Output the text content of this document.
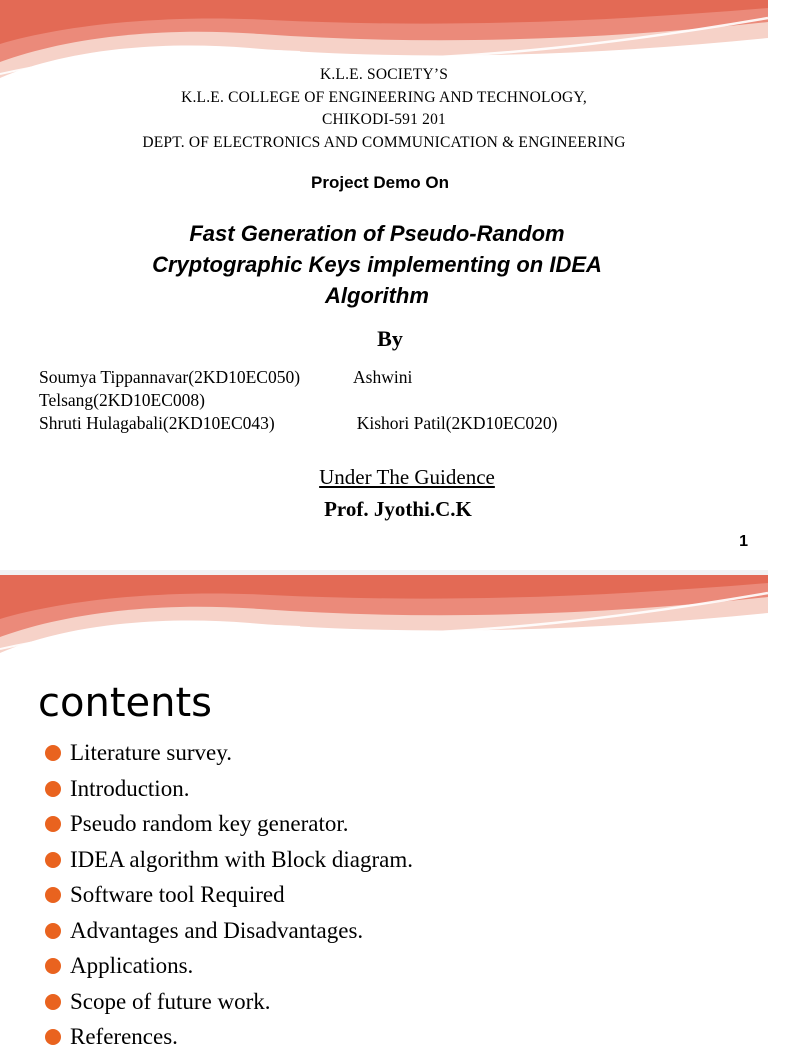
K.L.E. SOCIETY’S
K.L.E. COLLEGE OF ENGINEERING AND TECHNOLOGY,
CHIKODI-591 201
DEPT. OF ELECTRONICS AND COMMUNICATION & ENGINEERING
Project Demo On
Fast Generation of Pseudo-Random
Cryptographic Keys implementing on IDEA
Algorithm
By
Soumya Tippannavar(2KD10EC050)	Ashwini
Telsang(2KD10EC008)
Shruti Hulagabali(2KD10EC043)	Kishori Patil(2KD10EC020)
Under The Guidence
Prof. Jyothi.C.K
1
contents
Literature survey.
Introduction.
Pseudo random key generator.
IDEA algorithm with Block diagram.
Software tool Required
Advantages and Disadvantages.
Applications.
Scope of future work.
References.
